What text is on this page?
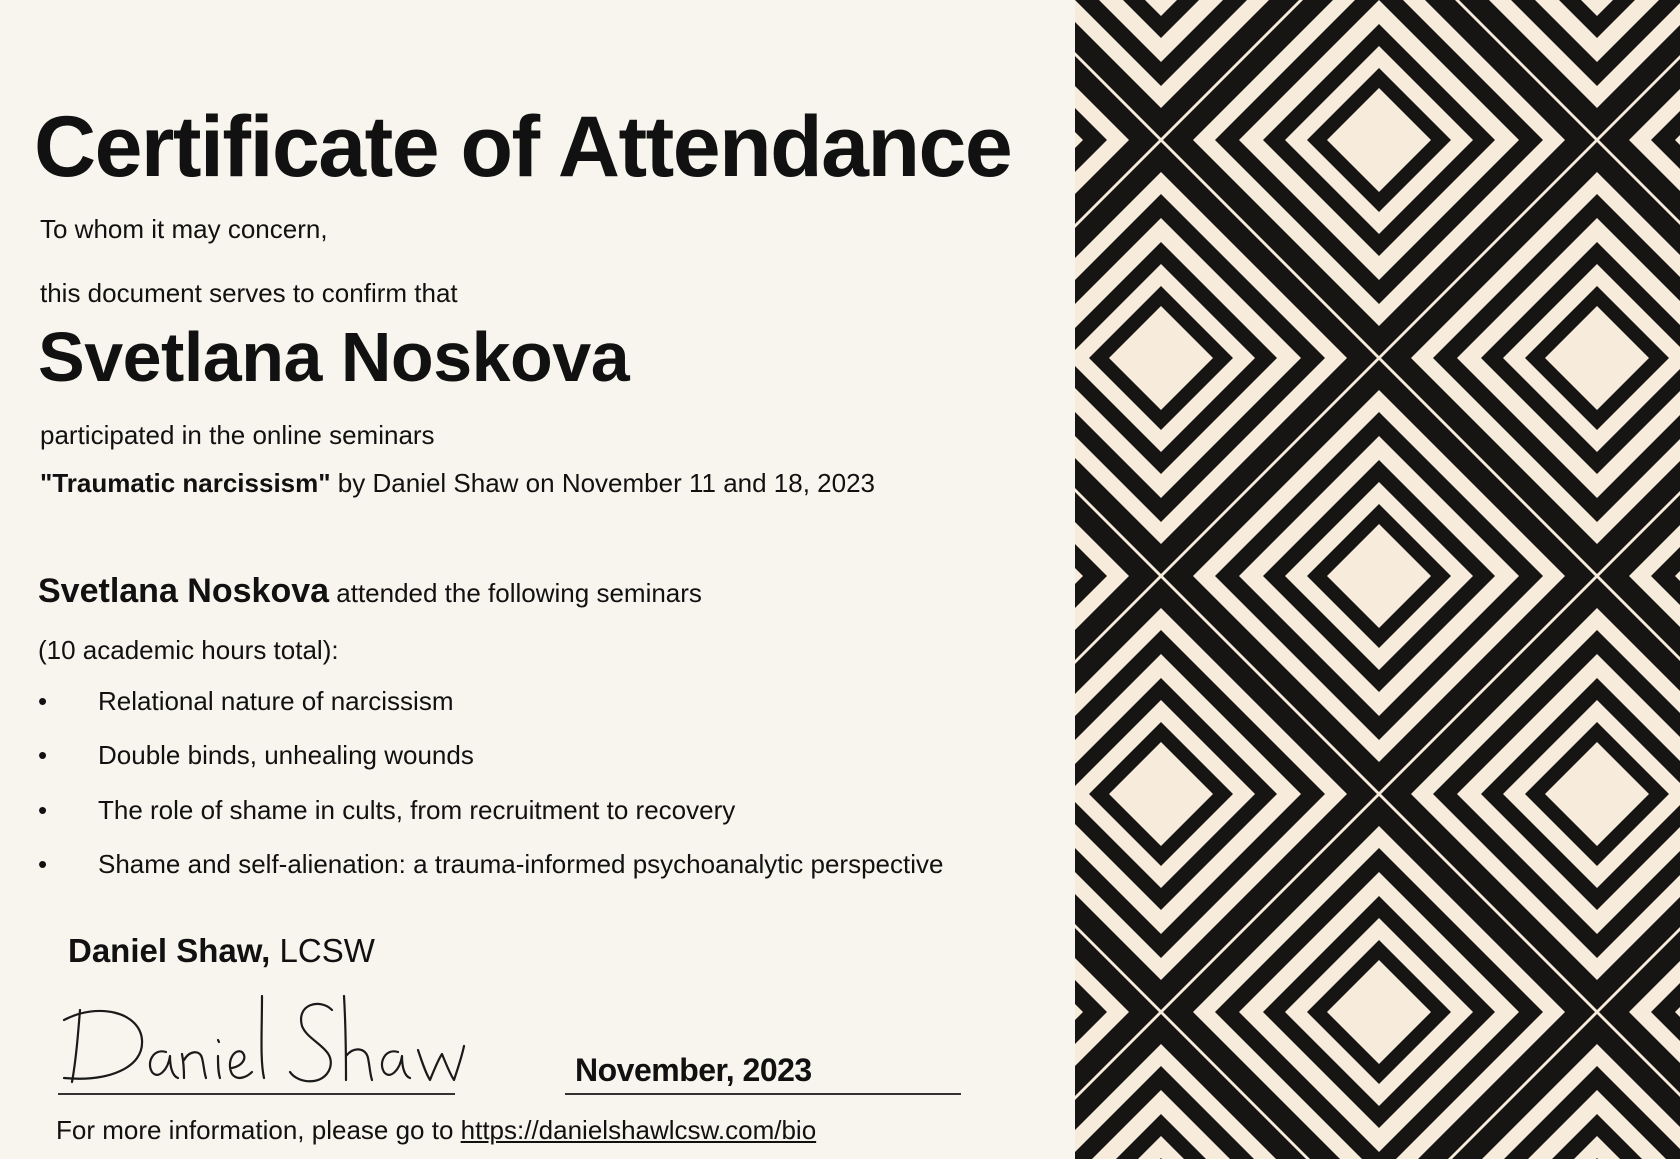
Certificate of Attendance
To whom it may concern,
this document serves to confirm that
Svetlana Noskova
participated in the online seminars
"Traumatic narcissism" by Daniel Shaw on November 11 and 18, 2023
Svetlana Noskova attended the following seminars
(10 academic hours total):
•	Relational nature of narcissism
•	Double binds, unhealing wounds
•	The role of shame in cults, from recruitment to recovery
•	Shame and self-alienation: a trauma-informed psychoanalytic perspective
Daniel Shaw, LCSW
November, 2023
For more information, please go to https://danielshawlcsw.com/bio
